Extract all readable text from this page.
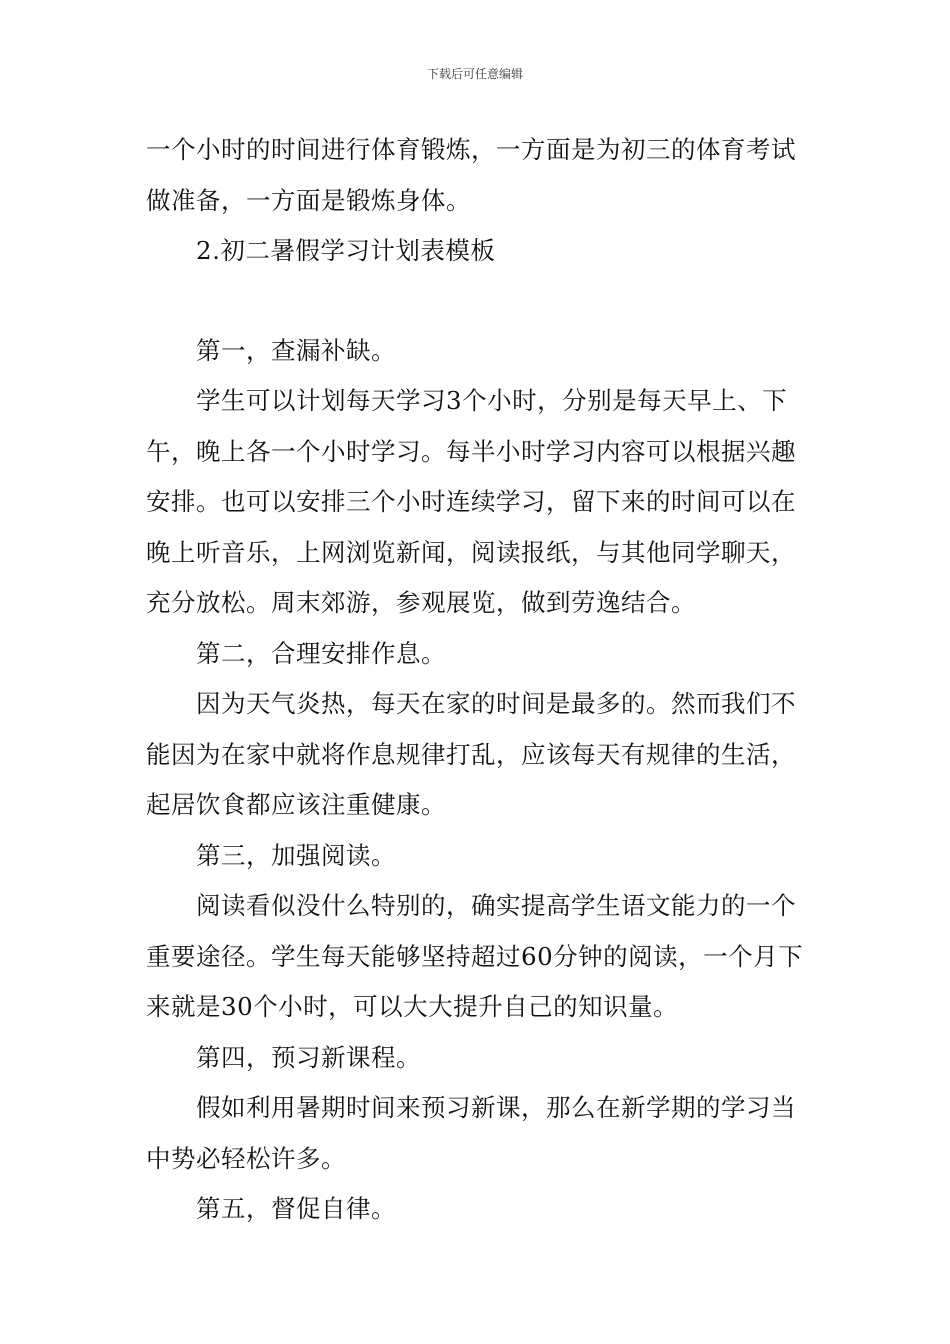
下载后可任意编辑

一个小时的时间进行体育锻炼，一方面是为初三的体育考试做准备，一方面是锻炼身体。

2.初二暑假学习计划表模板

第一，查漏补缺。

学生可以计划每天学习3个小时，分别是每天早上、下午，晚上各一个小时学习。每半小时学习内容可以根据兴趣安排。也可以安排三个小时连续学习，留下来的时间可以在晚上听音乐，上网浏览新闻，阅读报纸，与其他同学聊天，充分放松。周末郊游，参观展览，做到劳逸结合。

第二，合理安排作息。

因为天气炎热，每天在家的时间是最多的。然而我们不能因为在家中就将作息规律打乱，应该每天有规律的生活，起居饮食都应该注重健康。

第三，加强阅读。

阅读看似没什么特别的，确实提高学生语文能力的一个重要途径。学生每天能够坚持超过60分钟的阅读，一个月下来就是30个小时，可以大大提升自己的知识量。

第四，预习新课程。

假如利用暑期时间来预习新课，那么在新学期的学习当中势必轻松许多。

第五，督促自律。
